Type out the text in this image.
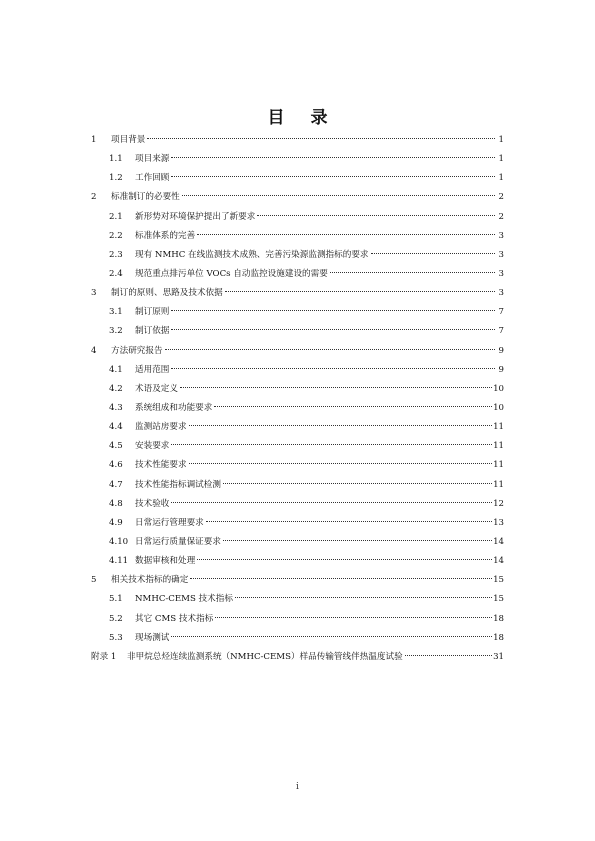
目录
1	项目背景	1
1.1	项目来源	1
1.2	工作回顾	1
2	标准制订的必要性	2
2.1	新形势对环境保护提出了新要求	2
2.2	标准体系的完善	3
2.3	现有 NMHC 在线监测技术成熟、完善污染源监测指标的要求	3
2.4	规范重点排污单位 VOCs 自动监控设施建设的需要	3
3	制订的原则、思路及技术依据	3
3.1	制订原则	7
3.2	制订依据	7
4	方法研究报告	9
4.1	适用范围	9
4.2	术语及定义	10
4.3	系统组成和功能要求	10
4.4	监测站房要求	11
4.5	安装要求	11
4.6	技术性能要求	11
4.7	技术性能指标调试检测	11
4.8	技术验收	12
4.9	日常运行管理要求	13
4.10 日常运行质量保证要求	14
4.11 数据审核和处理	14
5	相关技术指标的确定	15
5.1	NMHC-CEMS 技术指标	15
5.2	其它 CMS 技术指标	18
5.3	现场测试	18
附录 1	非甲烷总烃连续监测系统（NMHC-CEMS）样品传输管线伴热温度试验	31
i
